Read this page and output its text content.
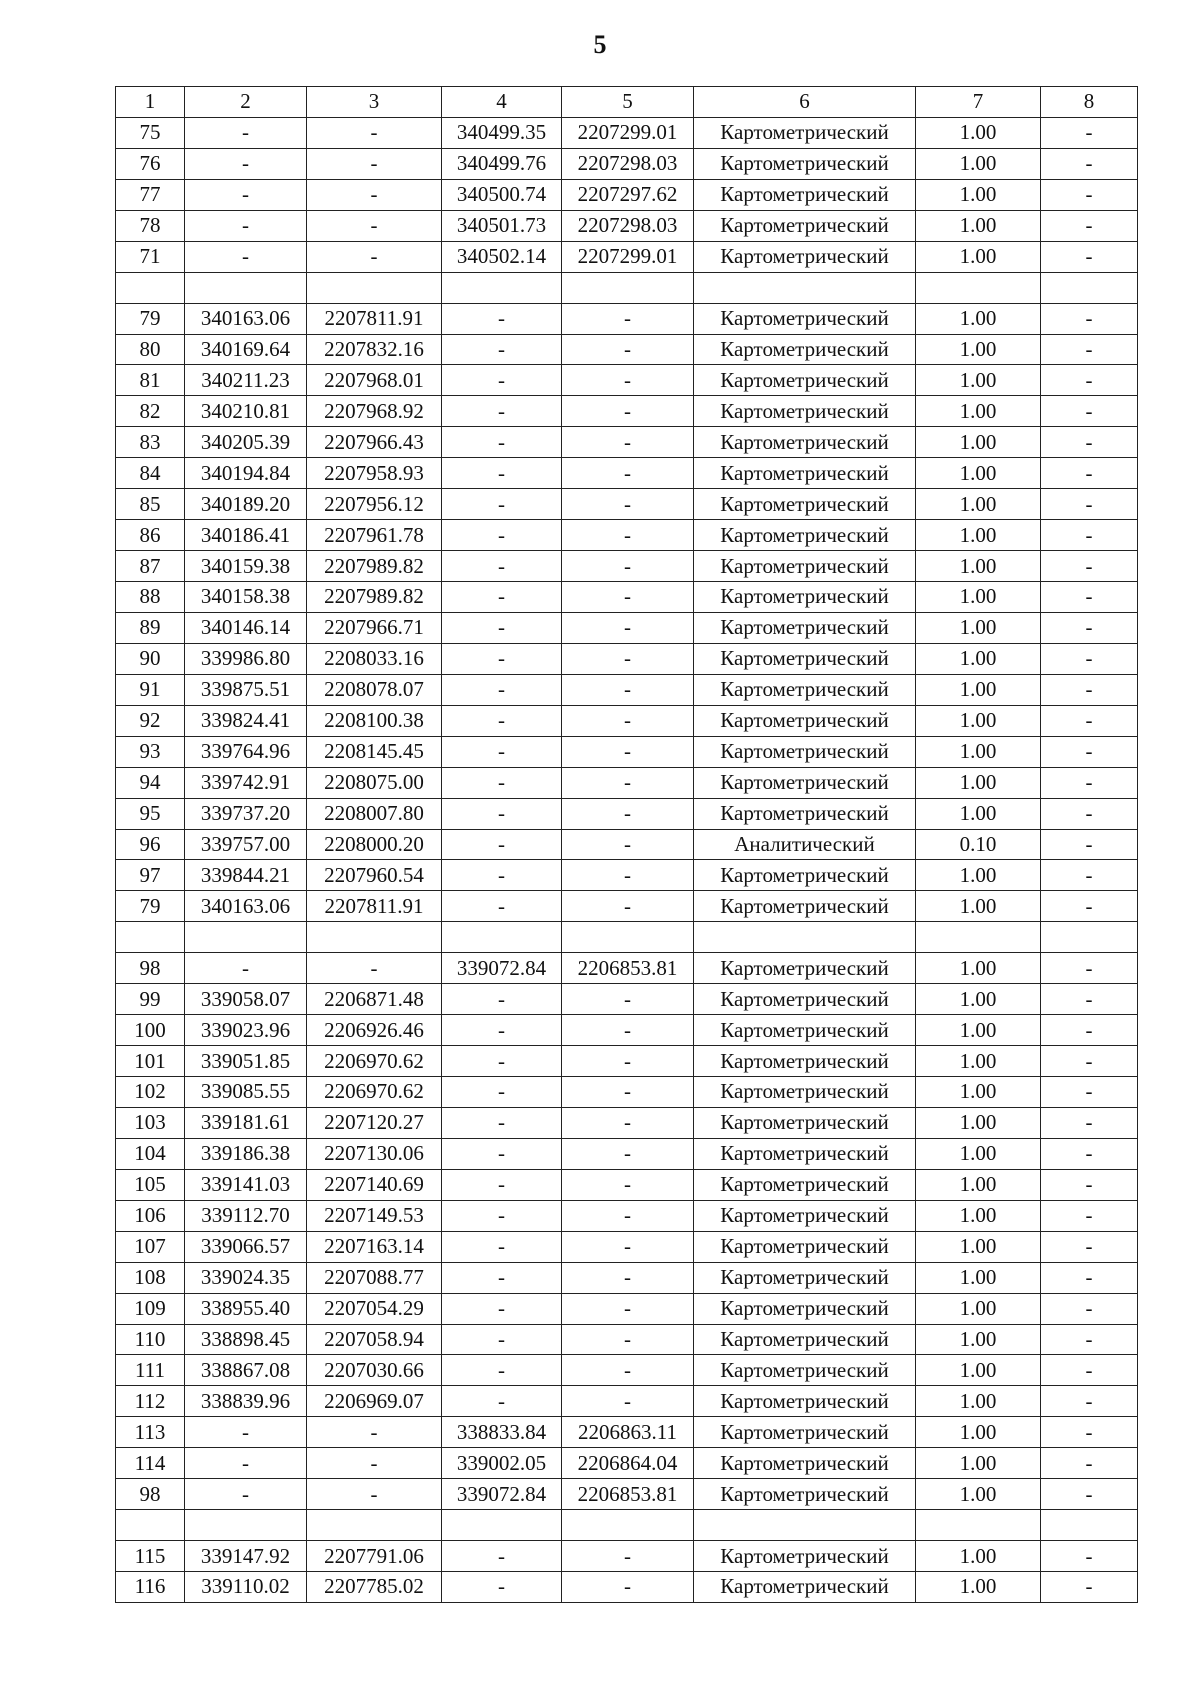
5
1	2	3	4	5	6	7	8
75	-	-	340499.35	2207299.01	Картометрический	1.00	-
76	-	-	340499.76	2207298.03	Картометрический	1.00	-
77	-	-	340500.74	2207297.62	Картометрический	1.00	-
78	-	-	340501.73	2207298.03	Картометрический	1.00	-
71	-	-	340502.14	2207299.01	Картометрический	1.00	-

79	340163.06	2207811.91	-	-	Картометрический	1.00	-
80	340169.64	2207832.16	-	-	Картометрический	1.00	-
81	340211.23	2207968.01	-	-	Картометрический	1.00	-
82	340210.81	2207968.92	-	-	Картометрический	1.00	-
83	340205.39	2207966.43	-	-	Картометрический	1.00	-
84	340194.84	2207958.93	-	-	Картометрический	1.00	-
85	340189.20	2207956.12	-	-	Картометрический	1.00	-
86	340186.41	2207961.78	-	-	Картометрический	1.00	-
87	340159.38	2207989.82	-	-	Картометрический	1.00	-
88	340158.38	2207989.82	-	-	Картометрический	1.00	-
89	340146.14	2207966.71	-	-	Картометрический	1.00	-
90	339986.80	2208033.16	-	-	Картометрический	1.00	-
91	339875.51	2208078.07	-	-	Картометрический	1.00	-
92	339824.41	2208100.38	-	-	Картометрический	1.00	-
93	339764.96	2208145.45	-	-	Картометрический	1.00	-
94	339742.91	2208075.00	-	-	Картометрический	1.00	-
95	339737.20	2208007.80	-	-	Картометрический	1.00	-
96	339757.00	2208000.20	-	-	Аналитический	0.10	-
97	339844.21	2207960.54	-	-	Картометрический	1.00	-
79	340163.06	2207811.91	-	-	Картометрический	1.00	-

98	-	-	339072.84	2206853.81	Картометрический	1.00	-
99	339058.07	2206871.48	-	-	Картометрический	1.00	-
100	339023.96	2206926.46	-	-	Картометрический	1.00	-
101	339051.85	2206970.62	-	-	Картометрический	1.00	-
102	339085.55	2206970.62	-	-	Картометрический	1.00	-
103	339181.61	2207120.27	-	-	Картометрический	1.00	-
104	339186.38	2207130.06	-	-	Картометрический	1.00	-
105	339141.03	2207140.69	-	-	Картометрический	1.00	-
106	339112.70	2207149.53	-	-	Картометрический	1.00	-
107	339066.57	2207163.14	-	-	Картометрический	1.00	-
108	339024.35	2207088.77	-	-	Картометрический	1.00	-
109	338955.40	2207054.29	-	-	Картометрический	1.00	-
110	338898.45	2207058.94	-	-	Картометрический	1.00	-
111	338867.08	2207030.66	-	-	Картометрический	1.00	-
112	338839.96	2206969.07	-	-	Картометрический	1.00	-
113	-	-	338833.84	2206863.11	Картометрический	1.00	-
114	-	-	339002.05	2206864.04	Картометрический	1.00	-
98	-	-	339072.84	2206853.81	Картометрический	1.00	-

115	339147.92	2207791.06	-	-	Картометрический	1.00	-
116	339110.02	2207785.02	-	-	Картометрический	1.00	-
